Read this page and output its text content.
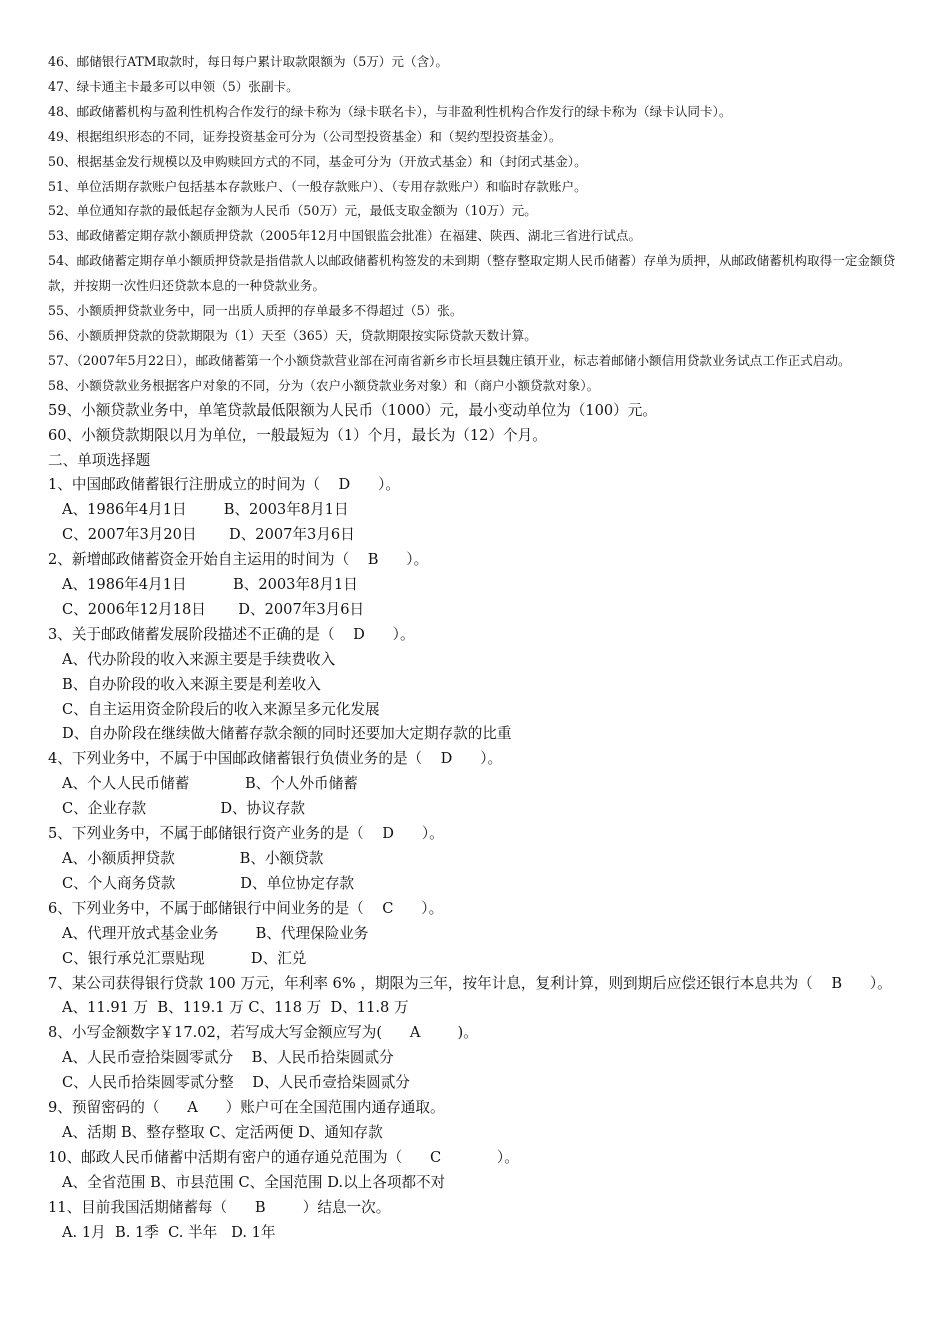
46、邮储银行ATM取款时，每日每户累计取款限额为（5万）元（含）。

47、绿卡通主卡最多可以申领（5）张副卡。

48、邮政储蓄机构与盈利性机构合作发行的绿卡称为（绿卡联名卡），与非盈利性机构合作发行的绿卡称为（绿卡认同卡）。

49、根据组织形态的不同，证券投资基金可分为（公司型投资基金）和（契约型投资基金）。

50、根据基金发行规模以及申购赎回方式的不同，基金可分为（开放式基金）和（封闭式基金）。

51、单位活期存款账户包括基本存款账户、（一般存款账户）、（专用存款账户）和临时存款账户。

52、单位通知存款的最低起存金额为人民币（50万）元，最低支取金额为（10万）元。

53、邮政储蓄定期存款小额质押贷款（2005年12月中国银监会批准）在福建、陕西、湖北三省进行试点。

54、邮政储蓄定期存单小额质押贷款是指借款人以邮政储蓄机构签发的未到期（整存整取定期人民币储蓄）存单为质押，从邮政储蓄机构取得一定金额贷款，并按期一次性归还贷款本息的一种贷款业务。

55、小额质押贷款业务中，同一出质人质押的存单最多不得超过（5）张。

56、小额质押贷款的贷款期限为（1）天至（365）天，贷款期限按实际贷款天数计算。

57、（2007年5月22日），邮政储蓄第一个小额贷款营业部在河南省新乡市长垣县魏庄镇开业，标志着邮储小额信用贷款业务试点工作正式启动。

58、小额贷款业务根据客户对象的不同，分为（农户小额贷款业务对象）和（商户小额贷款对象）。

59、小额贷款业务中，单笔贷款最低限额为人民币（1000）元，最小变动单位为（100）元。

60、小额贷款期限以月为单位，一般最短为（1）个月，最长为（12）个月。

二、单项选择题

1、中国邮政储蓄银行注册成立的时间为（    D      ）。

A、1986年4月1日        B、2003年8月1日

C、2007年3月20日       D、2007年3月6日

2、新增邮政储蓄资金开始自主运用的时间为（    B      ）。

A、1986年4月1日          B、2003年8月1日

C、2006年12月18日       D、2007年3月6日

3、关于邮政储蓄发展阶段描述不正确的是（    D      ）。

A、代办阶段的收入来源主要是手续费收入

B、自办阶段的收入来源主要是利差收入

C、自主运用资金阶段后的收入来源呈多元化发展

D、自办阶段在继续做大储蓄存款余额的同时还要加大定期存款的比重

4、下列业务中，不属于中国邮政储蓄银行负债业务的是（    D      ）。

A、个人人民币储蓄            B、个人外币储蓄

C、企业存款                D、协议存款

5、下列业务中，不属于邮储银行资产业务的是（    D      ）。

A、小额质押贷款              B、小额贷款

C、个人商务贷款              D、单位协定存款

6、下列业务中，不属于邮储银行中间业务的是（    C      ）。

A、代理开放式基金业务        B、代理保险业务

C、银行承兑汇票贴现          D、汇兑

7、某公司获得银行贷款 100 万元，年利率 6% ，期限为三年，按年计息，复利计算，则到期后应偿还银行本息共为（    B      ）。

A、11.91 万  B、119.1 万 C、118 万  D、11.8 万

8、小写金额数字￥17.02，若写成大写金额应写为(      A        )。

A、人民币壹拾柒圆零贰分    B、人民币拾柒圆贰分

C、人民币拾柒圆零贰分整    D、人民币壹拾柒圆贰分

9、预留密码的（      A      ）账户可在全国范围内通存通取。

A、活期 B、整存整取 C、定活两便 D、通知存款

10、邮政人民币储蓄中活期有密户的通存通兑范围为（      C            ）。

A、全省范围 B、市县范围 C、全国范围 D.以上各项都不对

11、目前我国活期储蓄每（      B        ）结息一次。

A. 1月  B. 1季  C. 半年   D. 1年
